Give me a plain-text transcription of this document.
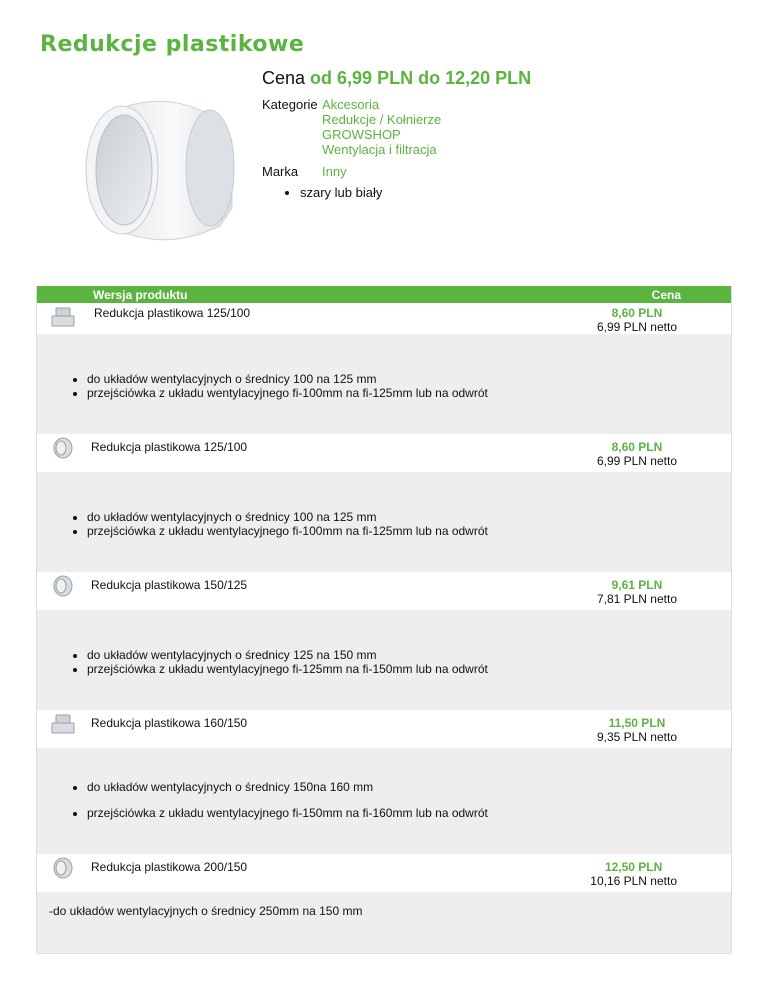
Redukcje plastikowe
Cena od 6,99 PLN do 12,20 PLN
Kategorie Akcesoria
Redukcje / Kołnierze
GROWSHOP
Wentylacja i filtracja
Marka Inny
• szary lub biały
Wersja produktu	Cena
Redukcja plastikowa 125/100	8,60 PLN
6,99 PLN netto
• do układów wentylacyjnych o średnicy 100 na 125 mm
• przejściówka z układu wentylacyjnego fi-100mm na fi-125mm lub na odwrót
Redukcja plastikowa 125/100	8,60 PLN
6,99 PLN netto
• do układów wentylacyjnych o średnicy 100 na 125 mm
• przejściówka z układu wentylacyjnego fi-100mm na fi-125mm lub na odwrót
Redukcja plastikowa 150/125	9,61 PLN
7,81 PLN netto
• do układów wentylacyjnych o średnicy 125 na 150 mm
• przejściówka z układu wentylacyjnego fi-125mm na fi-150mm lub na odwrót
Redukcja plastikowa 160/150	11,50 PLN
9,35 PLN netto
• do układów wentylacyjnych o średnicy 150na 160 mm
• przejściówka z układu wentylacyjnego fi-150mm na fi-160mm lub na odwrót
Redukcja plastikowa 200/150	12,50 PLN
10,16 PLN netto

-do układów wentylacyjnych o średnicy 250mm na 150 mm
